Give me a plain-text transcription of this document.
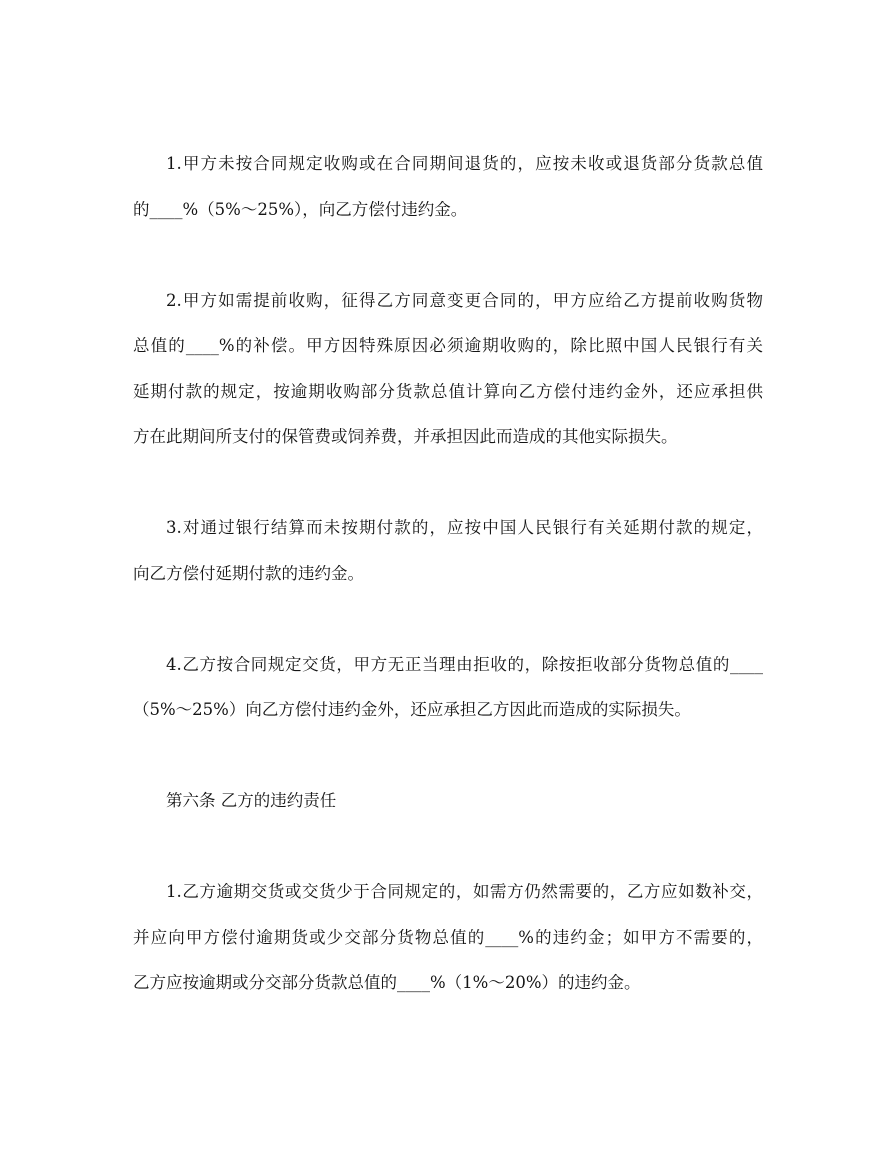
1.甲方未按合同规定收购或在合同期间退货的，应按未收或退货部分货款总值
的____%（5%～25%），向乙方偿付违约金。
2.甲方如需提前收购，征得乙方同意变更合同的，甲方应给乙方提前收购货物
总值的____%的补偿。甲方因特殊原因必须逾期收购的，除比照中国人民银行有关
延期付款的规定，按逾期收购部分货款总值计算向乙方偿付违约金外，还应承担供
方在此期间所支付的保管费或饲养费，并承担因此而造成的其他实际损失。
3.对通过银行结算而未按期付款的，应按中国人民银行有关延期付款的规定，
向乙方偿付延期付款的违约金。
4.乙方按合同规定交货，甲方无正当理由拒收的，除按拒收部分货物总值的____
（5%～25%）向乙方偿付违约金外，还应承担乙方因此而造成的实际损失。
第六条 乙方的违约责任
1.乙方逾期交货或交货少于合同规定的，如需方仍然需要的，乙方应如数补交，
并应向甲方偿付逾期货或少交部分货物总值的____%的违约金；如甲方不需要的，
乙方应按逾期或分交部分货款总值的____%（1%～20%）的违约金。
